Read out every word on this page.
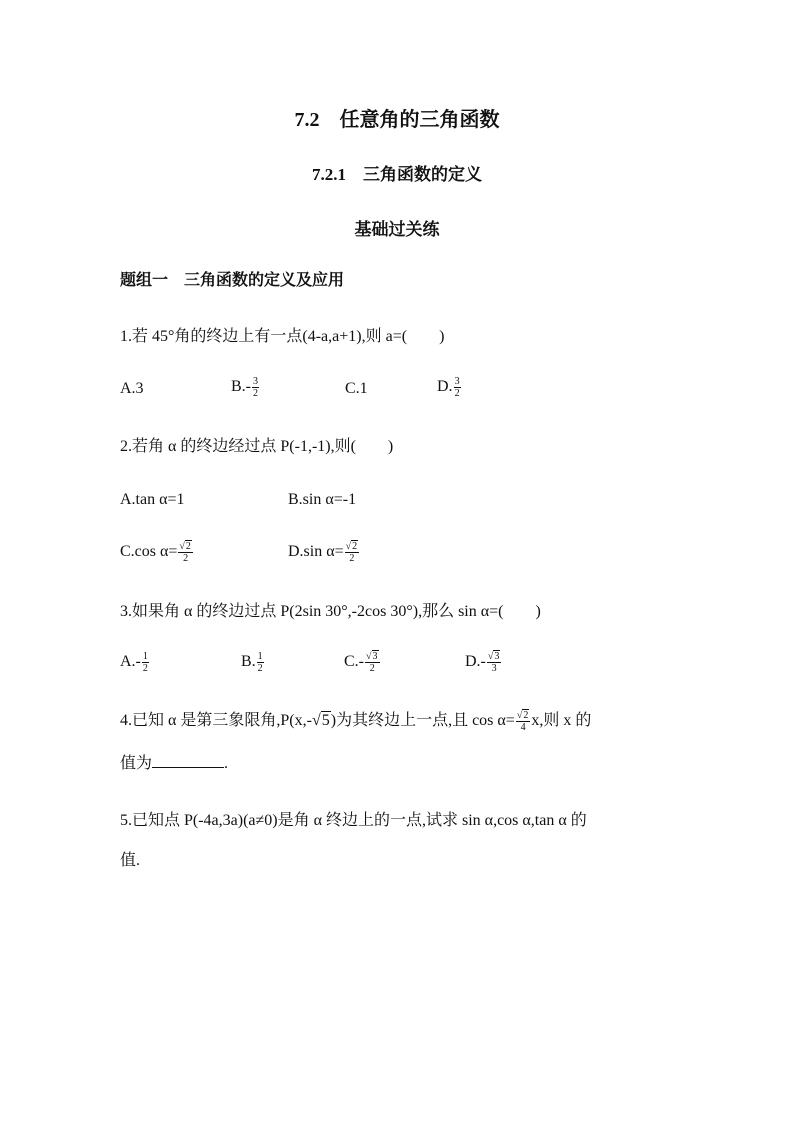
7.2　任意角的三角函数
7.2.1　三角函数的定义
基础过关练
题组一　三角函数的定义及应用
1.若 45°角的终边上有一点(4-a,a+1),则 a=(　　)
A.3	$B.- \frac{3}{2}$	C.1	D. $\frac{3}{2}$
2.若角 α 的终边经过点 P(-1,-1),则(　　)
A.tan α=1	B.sin α=-1
C.cos $\alpha= \frac{√2}{2}$	D.sin $\alpha= \frac{√2}{2}$
3.如果角 α 的终边过点 P(2sin 30°,-2cos 30°),那么 sin α=(　　)
$A.- \frac{1}{2}$	B. $\frac{1}{2}$	$C.- \frac{√3}{2}$	$D.- \frac{√3}{3}$
4.已知 α 是第三象限角,P(x,-√5)为其终边上一点,且 $\cos \alpha= \frac{√2}{4} x$,则 x 的
值为	.
5.已知点 P(-4a,3a)(a≠0)是角 α 终边上的一点,试求 sin α,cos α,tan α 的
值.
